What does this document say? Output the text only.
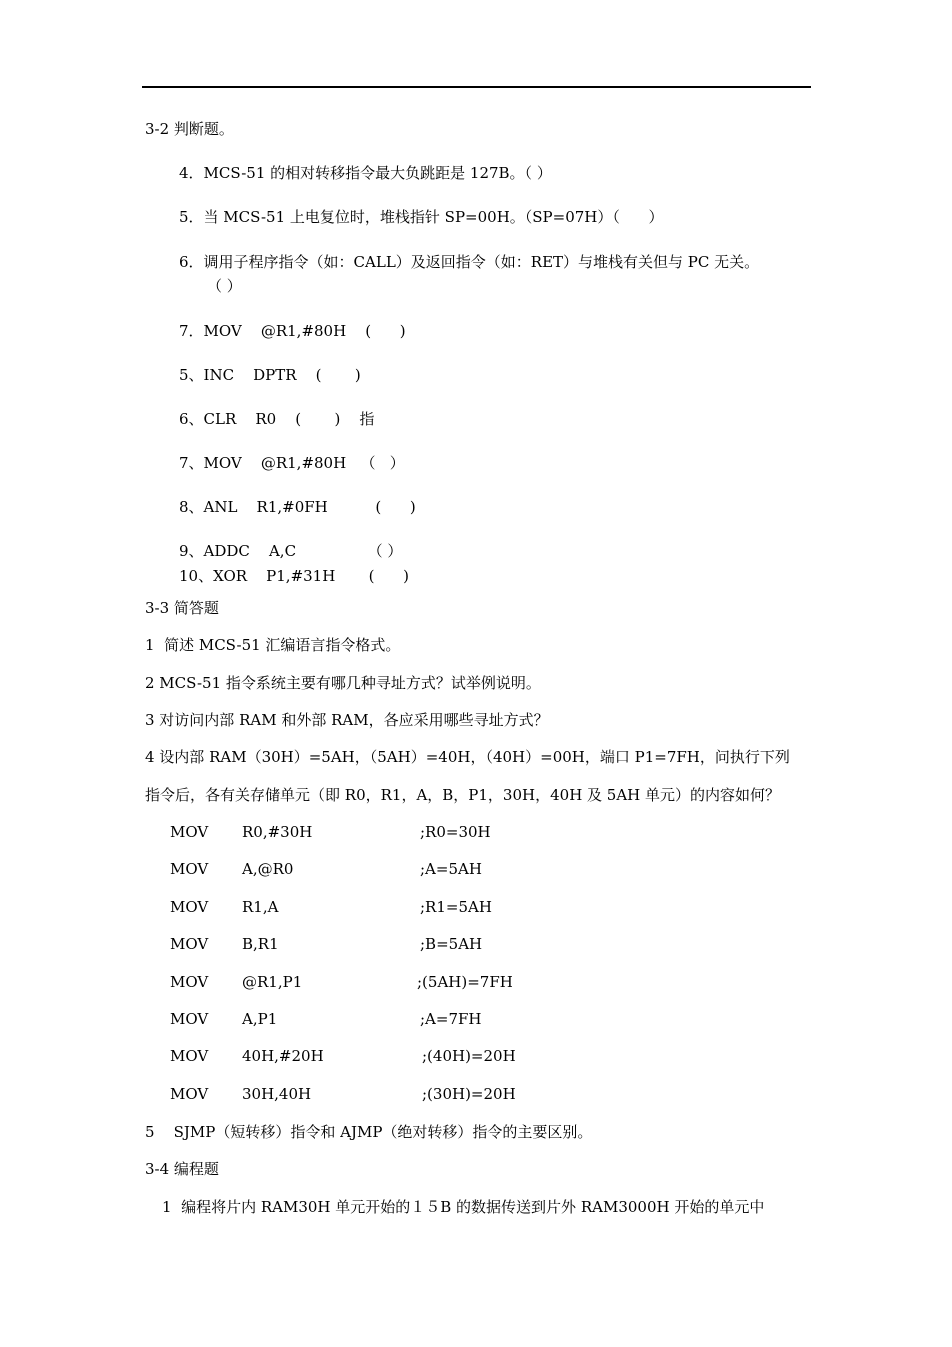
3-2 判断题。
4．MCS-51 的相对转移指令最大负跳距是 127B。（ ）
5．当 MCS-51 上电复位时，堆栈指针 SP=00H。（SP=07H）（      ）
6．调用子程序指令（如：CALL）及返回指令（如：RET）与堆栈有关但与 PC 无关。
（ ）
7．MOV    @R1,#80H    (      )
5、INC    DPTR    (       )
6、CLR    R0    (       )    指
7、MOV    @R1,#80H   （   ）
8、ANL    R1,#0FH          (      )
9、ADDC    A,C               （ ）
10、XOR    P1,#31H       (      )
3-3 简答题
1  简述 MCS-51 汇编语言指令格式。
2 MCS-51 指令系统主要有哪几种寻址方式？试举例说明。
3 对访问内部 RAM 和外部 RAM，各应采用哪些寻址方式？
4 设内部 RAM（30H）=5AH，（5AH）=40H，（40H）=00H，端口 P1=7FH，问执行下列
指令后，各有关存储单元（即 R0，R1，A，B，P1，30H，40H 及 5AH 单元）的内容如何？
MOV R0,#30H	;R0=30H
MOV A,@R0	;A=5AH
MOV R1,A	;R1=5AH
MOV B,R1	;B=5AH
MOV @R1,P1	;(5AH)=7FH
MOV A,P1	;A=7FH
MOV 40H,#20H	;(40H)=20H
MOV 30H,40H	;(30H)=20H
5    SJMP（短转移）指令和 AJMP（绝对转移）指令的主要区别。
3-4 编程题
1  编程将片内 RAM30H 单元开始的１５B 的数据传送到片外 RAM3000H 开始的单元中
